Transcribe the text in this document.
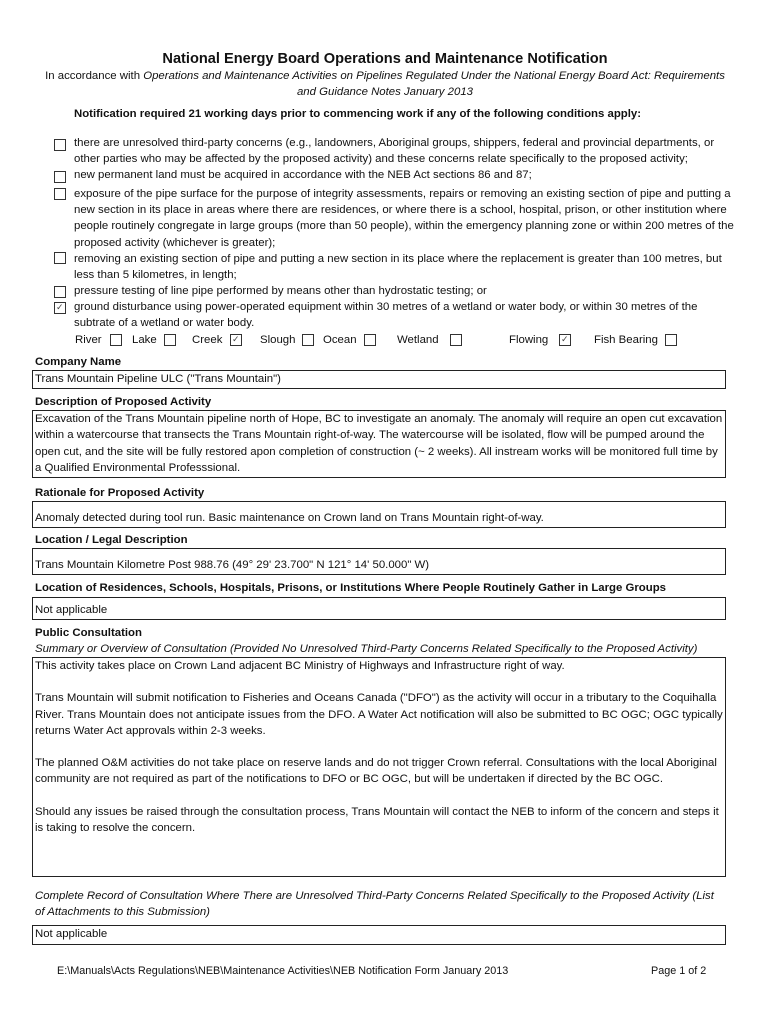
National Energy Board Operations and Maintenance Notification
In accordance with Operations and Maintenance Activities on Pipelines Regulated Under the National Energy Board Act: Requirements and Guidance Notes January 2013
Notification required 21 working days prior to commencing work if any of the following conditions apply:
there are unresolved third-party concerns (e.g., landowners, Aboriginal groups, shippers, federal and provincial departments, or other parties who may be affected by the proposed activity) and these concerns relate specifically to the proposed activity;
new permanent land must be acquired in accordance with the NEB Act sections 86 and 87;
exposure of the pipe surface for the purpose of integrity assessments, repairs or removing an existing section of pipe and putting a new section in its place in areas where there are residences, or where there is a school, hospital, prison, or other institution where people routinely congregate in large groups (more than 50 people), within the emergency planning zone or within 200 metres of the proposed activity (whichever is greater);
removing an existing section of pipe and putting a new section in its place where the replacement is greater than 100 metres, but less than 5 kilometres, in length;
pressure testing of line pipe performed by means other than hydrostatic testing; or
✓
ground disturbance using power-operated equipment within 30 metres of a wetland or water body, or within 30 metres of the subtrate of a wetland or water body.
River	Lake	Creek ✓	Slough Ocean	Wetland	Flowing ✓	Fish Bearing
Company Name

Trans Mountain Pipeline ULC ("Trans Mountain")

Description of Proposed Activity

Excavation of the Trans Mountain pipeline north of Hope, BC to investigate an anomaly. The anomaly will require an open cut excavation within a watercourse that transects the Trans Mountain right-of-way. The watercourse will be isolated, flow will be pumped around the open cut, and the site will be fully restored apon completion of construction (~ 2 weeks). All instream works will be monitored full time by a Qualified Environmental Professsional.

Rationale for Proposed Activity

Anomaly detected during tool run. Basic maintenance on Crown land on Trans Mountain right-of-way.

Location / Legal Description

Trans Mountain Kilometre Post 988.76 (49° 29' 23.700" N 121° 14' 50.000" W)

Location of Residences, Schools, Hospitals, Prisons, or Institutions Where People Routinely Gather in Large Groups

Not applicable

Public Consultation
Summary or Overview of Consultation (Provided No Unresolved Third-Party Concerns Related Specifically to the Proposed Activity)

This activity takes place on Crown Land adjacent BC Ministry of Highways and Infrastructure right of way.

Trans Mountain will submit notification to Fisheries and Oceans Canada ("DFO") as the activity will occur in a tributary to the Coquihalla River. Trans Mountain does not anticipate issues from the DFO. A Water Act notification will also be submitted to BC OGC; OGC typically returns Water Act approvals within 2-3 weeks.

The planned O&M activities do not take place on reserve lands and do not trigger Crown referral. Consultations with the local Aboriginal community are not required as part of the notifications to DFO or BC OGC, but will be undertaken if directed by the BC OGC.

Should any issues be raised through the consultation process, Trans Mountain will contact the NEB to inform of the concern and steps it is taking to resolve the concern.

Complete Record of Consultation Where There are Unresolved Third-Party Concerns Related Specifically to the Proposed Activity (List of Attachments to this Submission)

Not applicable

E:\Manuals\Acts Regulations\NEB\Maintenance Activities\NEB Notification Form January 2013	Page 1 of 2
